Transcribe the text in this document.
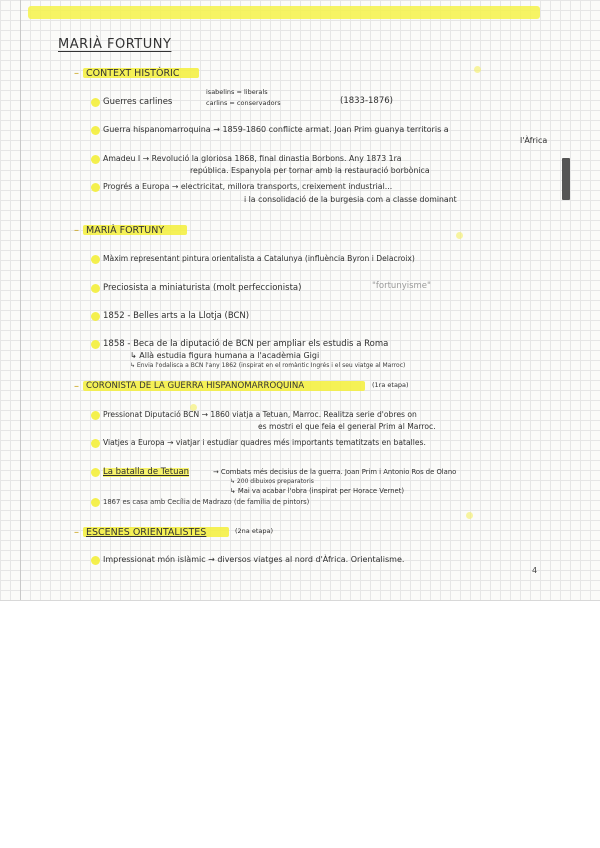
MARIÀ FORTUNY
– CONTEXT HISTÒRIC
Guerres carlines
isabelins = liberals
carlins = conservadors	(1833-1876)
Guerra hispanomarroquina → 1859-1860 conflicte armat. Joan Prim guanya territoris a
l'Àfrica
Amadeu I → Revolució la gloriosa 1868, final dinastia Borbons. Any 1873 1ra
república. Espanyola per tornar amb la restauració borbònica
Progrés a Europa → electricitat, millora transports, creixement industrial...
i la consolidació de la burgesia com a classe dominant
– MARIÀ FORTUNY
Màxim representant pintura orientalista a Catalunya (influència Byron i Delacroix)
Preciosista a miniaturista (molt perfeccionista)	"fortunyisme"
1852 - Belles arts a la Llotja (BCN)
1858 - Beca de la diputació de BCN per ampliar els estudis a Roma
↳ Allà estudia figura humana a l'acadèmia Gigi
↳ Envia l'odalisca a BCN l'any 1862 (inspirat en el romàntic Ingrés i el seu viatge al Marroc)
– CORONISTA DE LA GUERRA HISPANOMARROQUINA	(1ra etapa)
Pressionat Diputació BCN → 1860 viatja a Tetuan, Marroc. Realitza serie d'obres on
es mostri el que feia el general Prim al Marroc.
Viatjes a Europa → viatjar i estudiar quadres més importants tematitzats en batalles.
La batalla de Tetuan	→ Combats més decisius de la guerra. Joan Prim i Antonio Ros de Olano
↳ 200 dibuixos preparatoris
↳ Mai va acabar l'obra (inspirat per Horace Vernet)
1867 es casa amb Cecília de Madrazo (de família de pintors)
– ESCENES ORIENTALISTES	(2na etapa)
Impressionat món islàmic → diversos viatges al nord d'Àfrica. Orientalisme.
4
